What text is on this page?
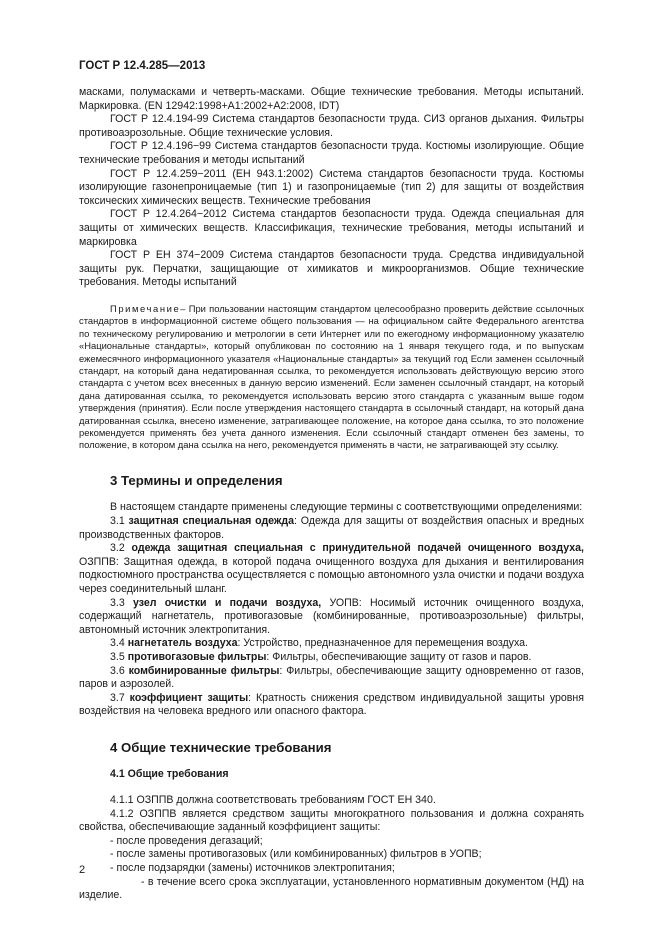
ГОСТ Р 12.4.285—2013

масками, полумасками и четверть-масками. Общие технические требования. Методы испытаний. Маркировка. (EN 12942:1998+A1:2002+A2:2008, IDT)

ГОСТ Р 12.4.194-99 Система стандартов безопасности труда. СИЗ органов дыхания. Фильтры противоаэрозольные. Общие технические условия.

ГОСТ Р 12.4.196−99 Система стандартов безопасности труда. Костюмы изолирующие. Общие технические требования и методы испытаний

ГОСТ Р 12.4.259−2011 (ЕН 943.1:2002) Система стандартов безопасности труда. Костюмы изолирующие газонепроницаемые (тип 1) и газопроницаемые (тип 2) для защиты от воздействия токсических химических веществ. Технические требования

ГОСТ Р 12.4.264−2012 Система стандартов безопасности труда. Одежда специальная для защиты от химических веществ. Классификация, технические требования, методы испытаний и маркировка

ГОСТ Р ЕН 374−2009 Система стандартов безопасности труда. Средства индивидуальной защиты рук. Перчатки, защищающие от химикатов и микроорганизмов. Общие технические требования. Методы испытаний

Примечание– При пользовании настоящим стандартом целесообразно проверить действие ссылочных стандартов в информационной системе общего пользования — на официальном сайте Федерального агентства по техническому регулированию и метрологии в сети Интернет или по ежегодному информационному указателю «Национальные стандарты», который опубликован по состоянию на 1 января текущего года, и по выпускам ежемесячного информационного указателя «Национальные стандарты» за текущий год Если заменен ссылочный стандарт, на который дана недатированная ссылка, то рекомендуется использовать действующую версию этого стандарта с учетом всех внесенных в данную версию изменений. Если заменен ссылочный стандарт, на который дана датированная ссылка, то рекомендуется использовать версию этого стандарта с указанным выше годом утверждения (принятия). Если после утверждения настоящего стандарта в ссылочный стандарт, на который дана датированная ссылка, внесено изменение, затрагивающее положение, на которое дана ссылка, то это положение рекомендуется применять без учета данного изменения. Если ссылочный стандарт отменен без замены, то положение, в котором дана ссылка на него, рекомендуется применять в части, не затрагивающей эту ссылку.

3 Термины и определения

В настоящем стандарте применены следующие термины с соответствующими определениями:

3.1 защитная специальная одежда: Одежда для защиты от воздействия опасных и вредных производственных факторов.

3.2 одежда защитная специальная с принудительной подачей очищенного воздуха, ОЗППВ: Защитная одежда, в которой подача очищенного воздуха для дыхания и вентилирования подкостюмного пространства осуществляется с помощью автономного узла очистки и подачи воздуха через соединительный шланг.

3.3 узел очистки и подачи воздуха, УОПВ: Носимый источник очищенного воздуха, содержащий нагнетатель, противогазовые (комбинированные, противоаэрозольные) фильтры, автономный источник электропитания.

3.4 нагнетатель воздуха: Устройство, предназначенное для перемещения воздуха.

3.5 противогазовые фильтры: Фильтры, обеспечивающие защиту от газов и паров.

3.6 комбинированные фильтры: Фильтры, обеспечивающие защиту одновременно от газов, паров и аэрозолей.

3.7 коэффициент защиты: Кратность снижения средством индивидуальной защиты уровня воздействия на человека вредного или опасного фактора.

4 Общие технические требования
4.1 Общие требования

4.1.1 ОЗППВ должна соответствовать требованиям ГОСТ ЕН 340.

4.1.2 ОЗППВ является средством защиты многократного пользования и должна сохранять свойства, обеспечивающие заданный коэффициент защиты:

- после проведения дегазаций;

- после замены противогазовых (или комбинированных) фильтров в УОПВ;

- после подзарядки (замены) источников электропитания;

- в течение всего срока эксплуатации, установленного нормативным документом (НД) на изделие.

2
